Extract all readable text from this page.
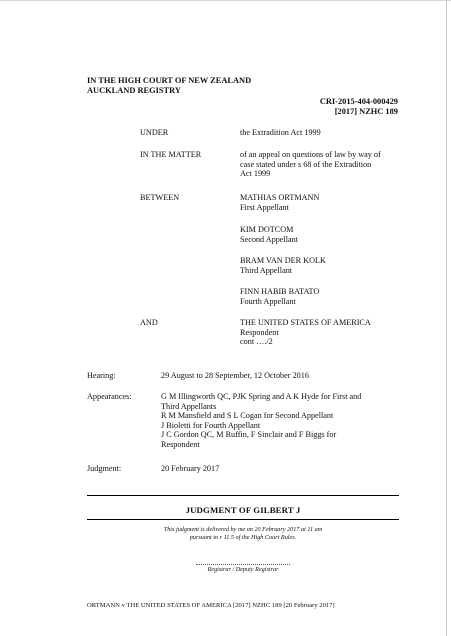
IN THE HIGH COURT OF NEW ZEALAND
AUCKLAND REGISTRY
CRI-2015-404-000429
[2017] NZHC 189
UNDER	the Extradition Act 1999
IN THE MATTER	of an appeal on questions of law by way of
case stated under s 68 of the Extradition
Act 1999
BETWEEN	MATHIAS ORTMANN
First Appellant
KIM DOTCOM
Second Appellant
BRAM VAN DER KOLK
Third Appellant
FINN HABIB BATATO
Fourth Appellant
AND	THE UNITED STATES OF AMERICA
Respondent
cont …./2
Hearing:	29 August to 28 September, 12 October 2016
Appearances:	G M Illingworth QC, PJK Spring and A K Hyde for First and
Third Appellants
R M Mansfield and S L Cogan for Second Appellant
J Bioletti for Fourth Appellant
J C Gordon QC, M Ruffin, F Sinclair and F Biggs for
Respondent
Judgment:	20 February 2017
JUDGMENT OF GILBERT J
This judgment is delivered by me on 20 February 2017 at 11 am
pursuant to r 11.5 of the High Court Rules.
Registrar / Deputy Registrar
ORTMANN v THE UNITED STATES OF AMERICA [2017] NZHC 189 [20 February 2017]
